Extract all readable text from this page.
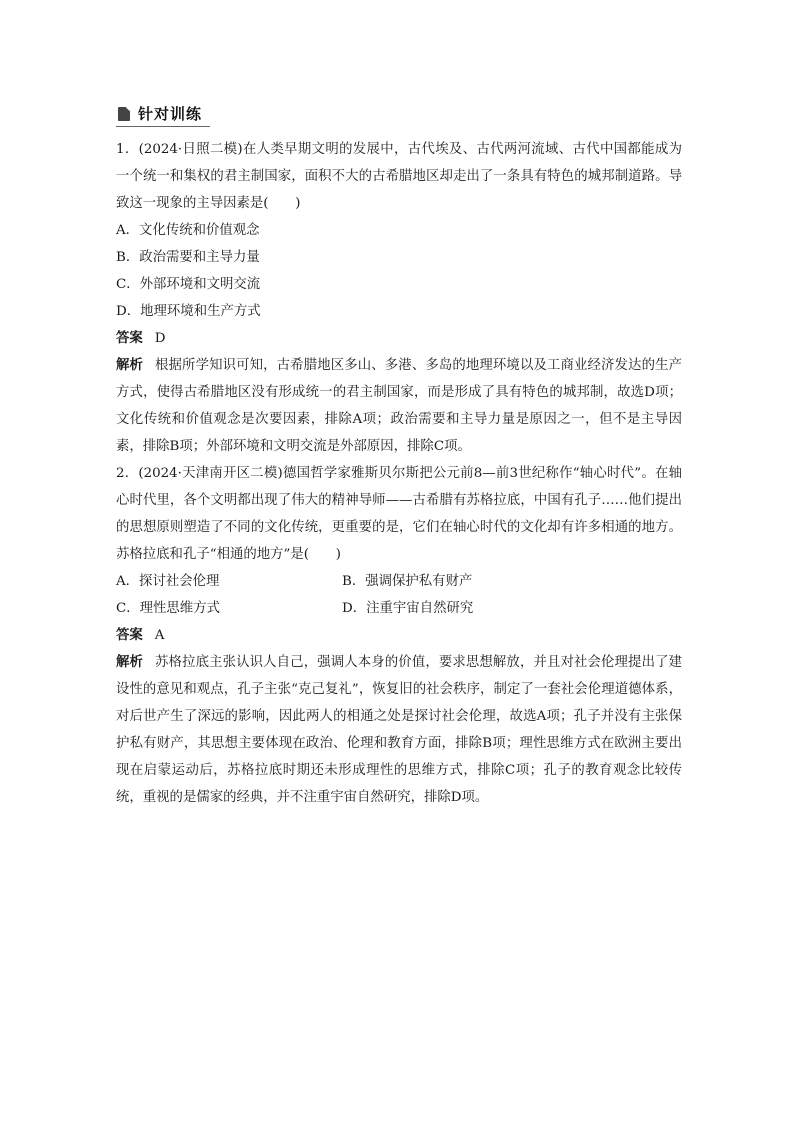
针对训练

1．(2024·日照二模)在人类早期文明的发展中，古代埃及、古代两河流域、古代中国都能成为一个统一和集权的君主制国家，面积不大的古希腊地区却走出了一条具有特色的城邦制道路。导致这一现象的主导因素是(　　)

A．文化传统和价值观念

B．政治需要和主导力量

C．外部环境和文明交流

D．地理环境和生产方式

答案 D

解析 根据所学知识可知，古希腊地区多山、多港、多岛的地理环境以及工商业经济发达的生产方式，使得古希腊地区没有形成统一的君主制国家，而是形成了具有特色的城邦制，故选D项；文化传统和价值观念是次要因素，排除A项；政治需要和主导力量是原因之一，但不是主导因素，排除B项；外部环境和文明交流是外部原因，排除C项。

2．(2024·天津南开区二模)德国哲学家雅斯贝尔斯把公元前8—前3世纪称作“轴心时代”。在轴心时代里，各个文明都出现了伟大的精神导师——古希腊有苏格拉底，中国有孔子……他们提出的思想原则塑造了不同的文化传统，更重要的是，它们在轴心时代的文化却有许多相通的地方。苏格拉底和孔子“相通的地方”是(　　)

A．探讨社会伦理	B．强调保护私有财产
C．理性思维方式	D．注重宇宙自然研究

答案 A

解析 苏格拉底主张认识人自己，强调人本身的价值，要求思想解放，并且对社会伦理提出了建设性的意见和观点，孔子主张“克己复礼”，恢复旧的社会秩序，制定了一套社会伦理道德体系，对后世产生了深远的影响，因此两人的相通之处是探讨社会伦理，故选A项；孔子并没有主张保护私有财产，其思想主要体现在政治、伦理和教育方面，排除B项；理性思维方式在欧洲主要出现在启蒙运动后，苏格拉底时期还未形成理性的思维方式，排除C项；孔子的教育观念比较传统，重视的是儒家的经典，并不注重宇宙自然研究，排除D项。
